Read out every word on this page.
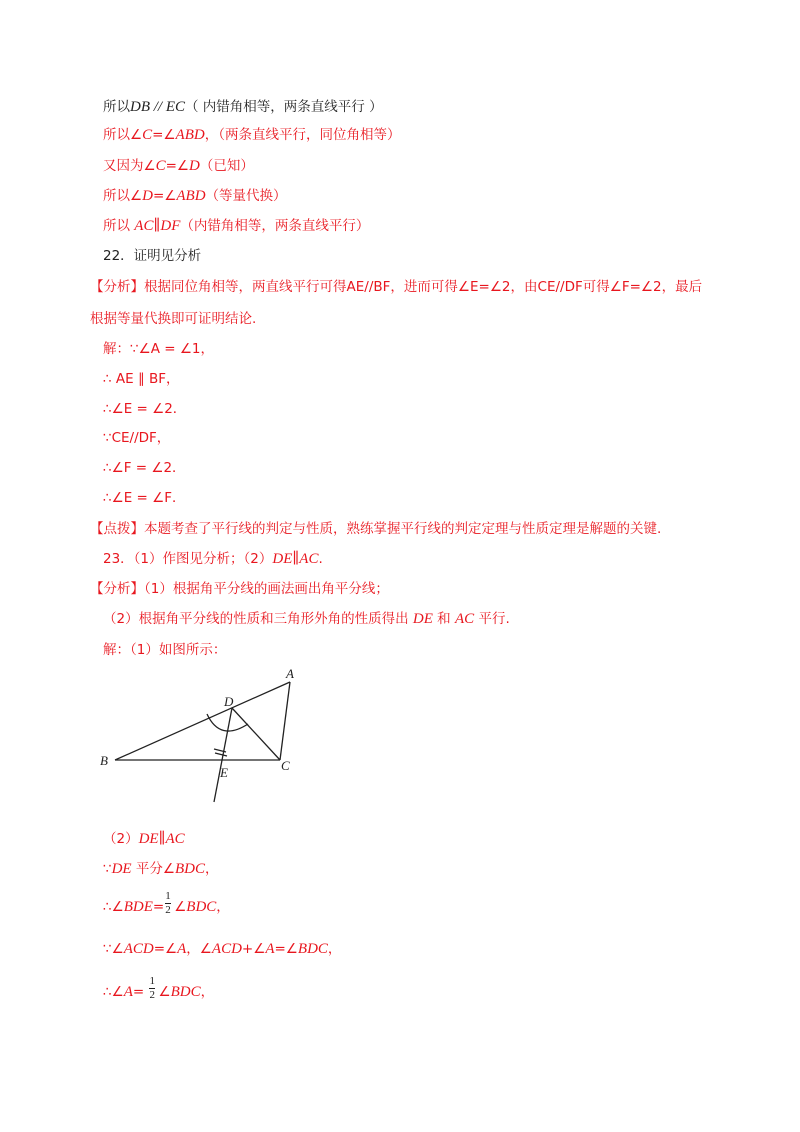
所以DB // EC（ 内错角相等，两条直线平行 ）
所以∠C=∠ABD，（两条直线平行，同位角相等）
又因为∠C=∠D（已知）
所以∠D=∠ABD（等量代换）
所以 AC∥DF（内错角相等，两条直线平行）
22．证明见分析
【分析】根据同位角相等，两直线平行可得AE//BF，进而可得∠E=∠2，由CE//DF可得∠F=∠2，最后
根据等量代换即可证明结论.
解：∵∠A = ∠1，
∴ AE ∥ BF，
∴∠E = ∠2．
∵CE//DF，
∴∠F = ∠2．
∴∠E = ∠F．
【点拨】本题考查了平行线的判定与性质，熟练掌握平行线的判定定理与性质定理是解题的关键.
23．（1）作图见分析；（2）DE∥AC.
【分析】（1）根据角平分线的画法画出角平分线；
（2）根据角平分线的性质和三角形外角的性质得出 DE 和 AC 平行.
解：（1）如图所示：
A
B	C
D
E
（2）DE∥AC
∵DE 平分∠BDC，
∴∠BDE= $\frac{1}{2}$ ∠BDC，
∵∠ACD=∠A，∠ACD+∠A=∠BDC，
∴∠A= $\frac{1}{2}$ ∠BDC，
